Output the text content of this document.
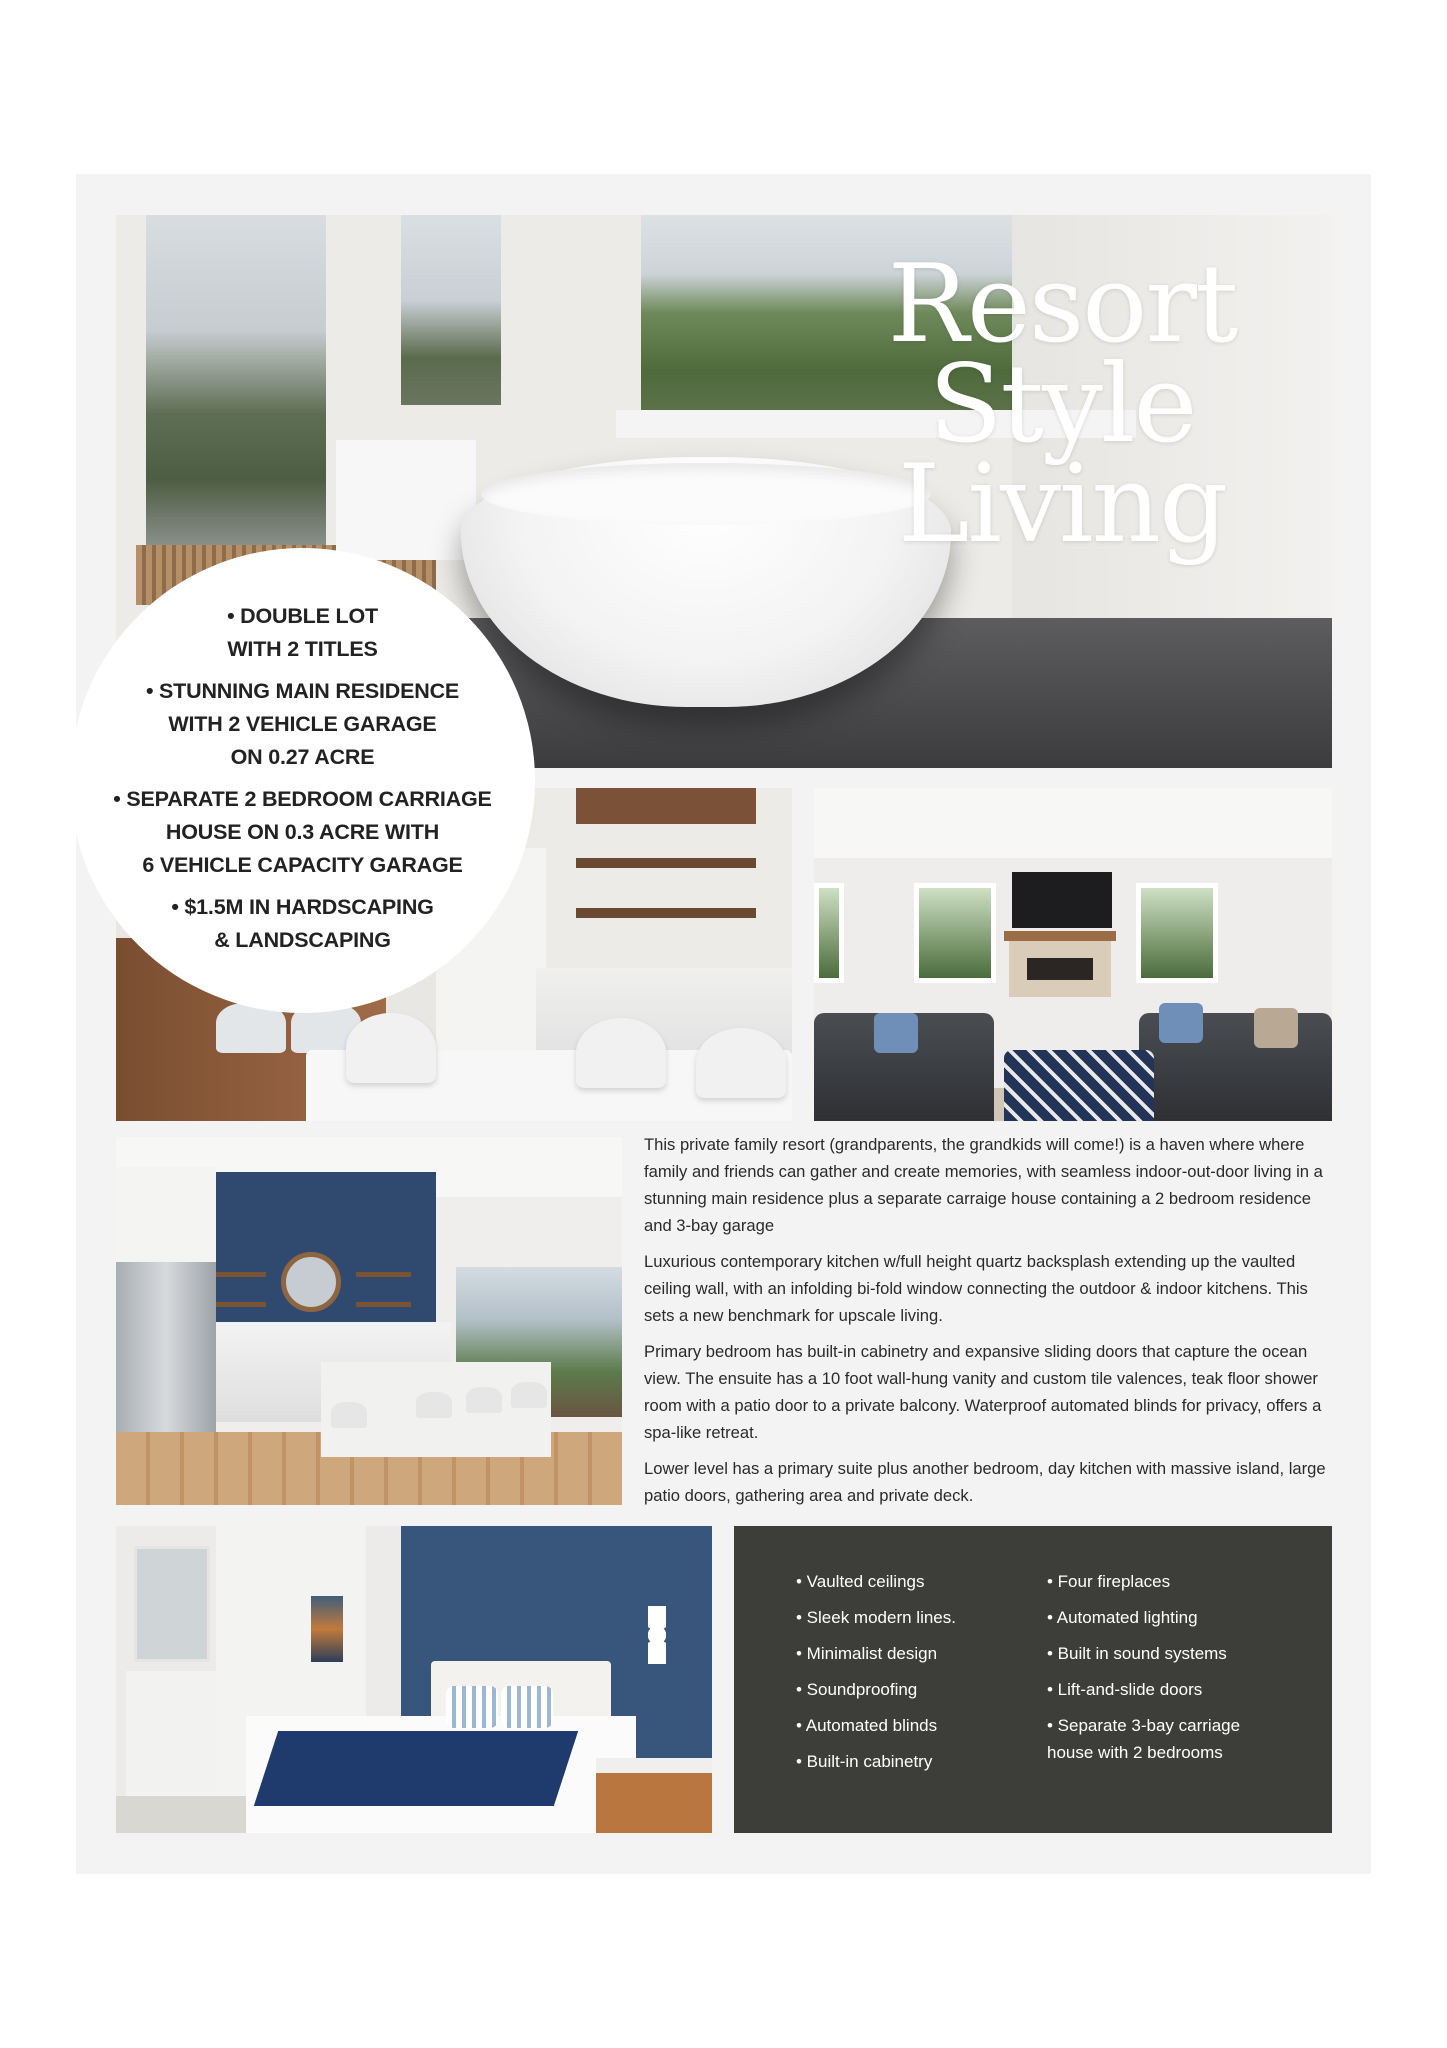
Resort
Style
Living
• DOUBLE LOT
WITH 2 TITLES
• STUNNING MAIN RESIDENCE
WITH 2 VEHICLE GARAGE
ON 0.27 ACRE
• SEPARATE 2 BEDROOM CARRIAGE
HOUSE ON 0.3 ACRE WITH
6 VEHICLE CAPACITY GARAGE
• $1.5M IN HARDSCAPING
& LANDSCAPING

This private family resort (grandparents, the grandkids will come!) is a haven where where family and friends can gather and create memories, with seamless indoor-out-door living in a stunning main residence plus a separate carraige house containing a 2 bedroom residence and 3-bay garage

Luxurious contemporary kitchen w/full height quartz backsplash extending up the vaulted ceiling wall, with an infolding bi-fold window connecting the outdoor & indoor kitchens. This sets a new benchmark for upscale living.

Primary bedroom has built-in cabinetry and expansive sliding doors that capture the ocean view. The ensuite has a 10 foot wall-hung vanity and custom tile valences, teak floor shower room with a patio door to a private balcony. Waterproof automated blinds for privacy, offers a spa-like retreat.

Lower level has a primary suite plus another bedroom, day kitchen with massive island, large patio doors, gathering area and private deck.

• Vaulted ceilings
• Sleek modern lines.
• Minimalist design
• Soundproofing
• Automated blinds
• Built-in cabinetry
• Four fireplaces
• Automated lighting
• Built in sound systems
• Lift-and-slide doors
• Separate 3-bay carriage
house with 2 bedrooms
